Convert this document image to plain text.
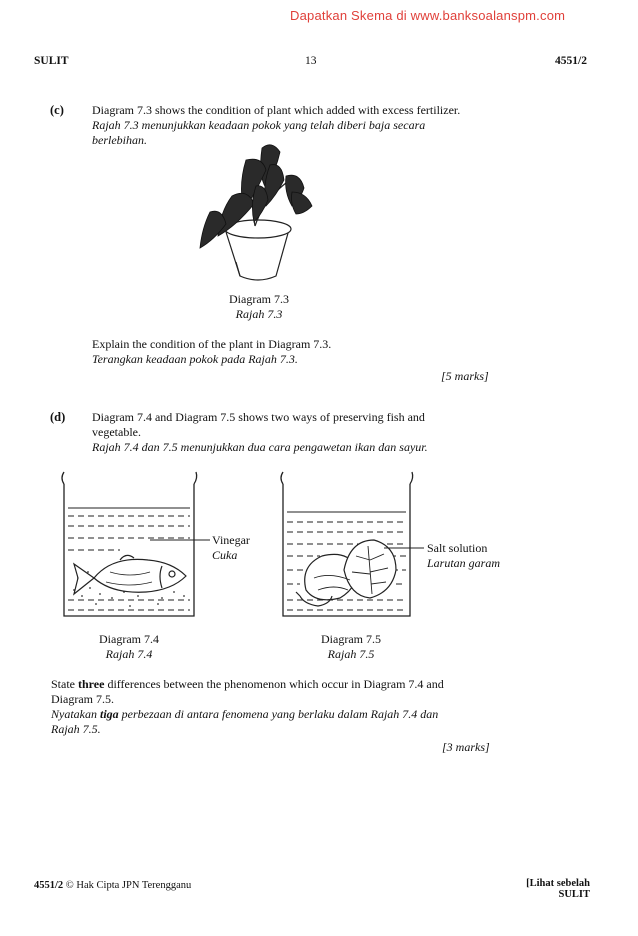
Dapatkan Skema di www.banksoalanspm.com
SULIT	13	4551/2
(c) Diagram 7.3 shows the condition of plant which added with excess fertilizer.
Rajah 7.3 menunjukkan keadaan pokok yang telah diberi baja secara
berlebihan.
Diagram 7.3
Rajah 7.3
Explain the condition of the plant in Diagram 7.3.
Terangkan keadaan pokok pada Rajah 7.3.
[5 marks]
(d) Diagram 7.4 and Diagram 7.5 shows two ways of preserving fish and
vegetable.
Rajah 7.4 dan 7.5 menunjukkan dua cara pengawetan ikan dan sayur.
Vinegar
Cuka
Diagram 7.4
Rajah 7.4
Salt solution
Larutan garam
Diagram 7.5
Rajah 7.5
State three differences between the phenomenon which occur in Diagram 7.4 and
Diagram 7.5.
Nyatakan tiga perbezaan di antara fenomena yang berlaku dalam Rajah 7.4 dan
Rajah 7.5.
[3 marks]
4551/2 © Hak Cipta JPN Terengganu	[Lihat sebelah
SULIT
